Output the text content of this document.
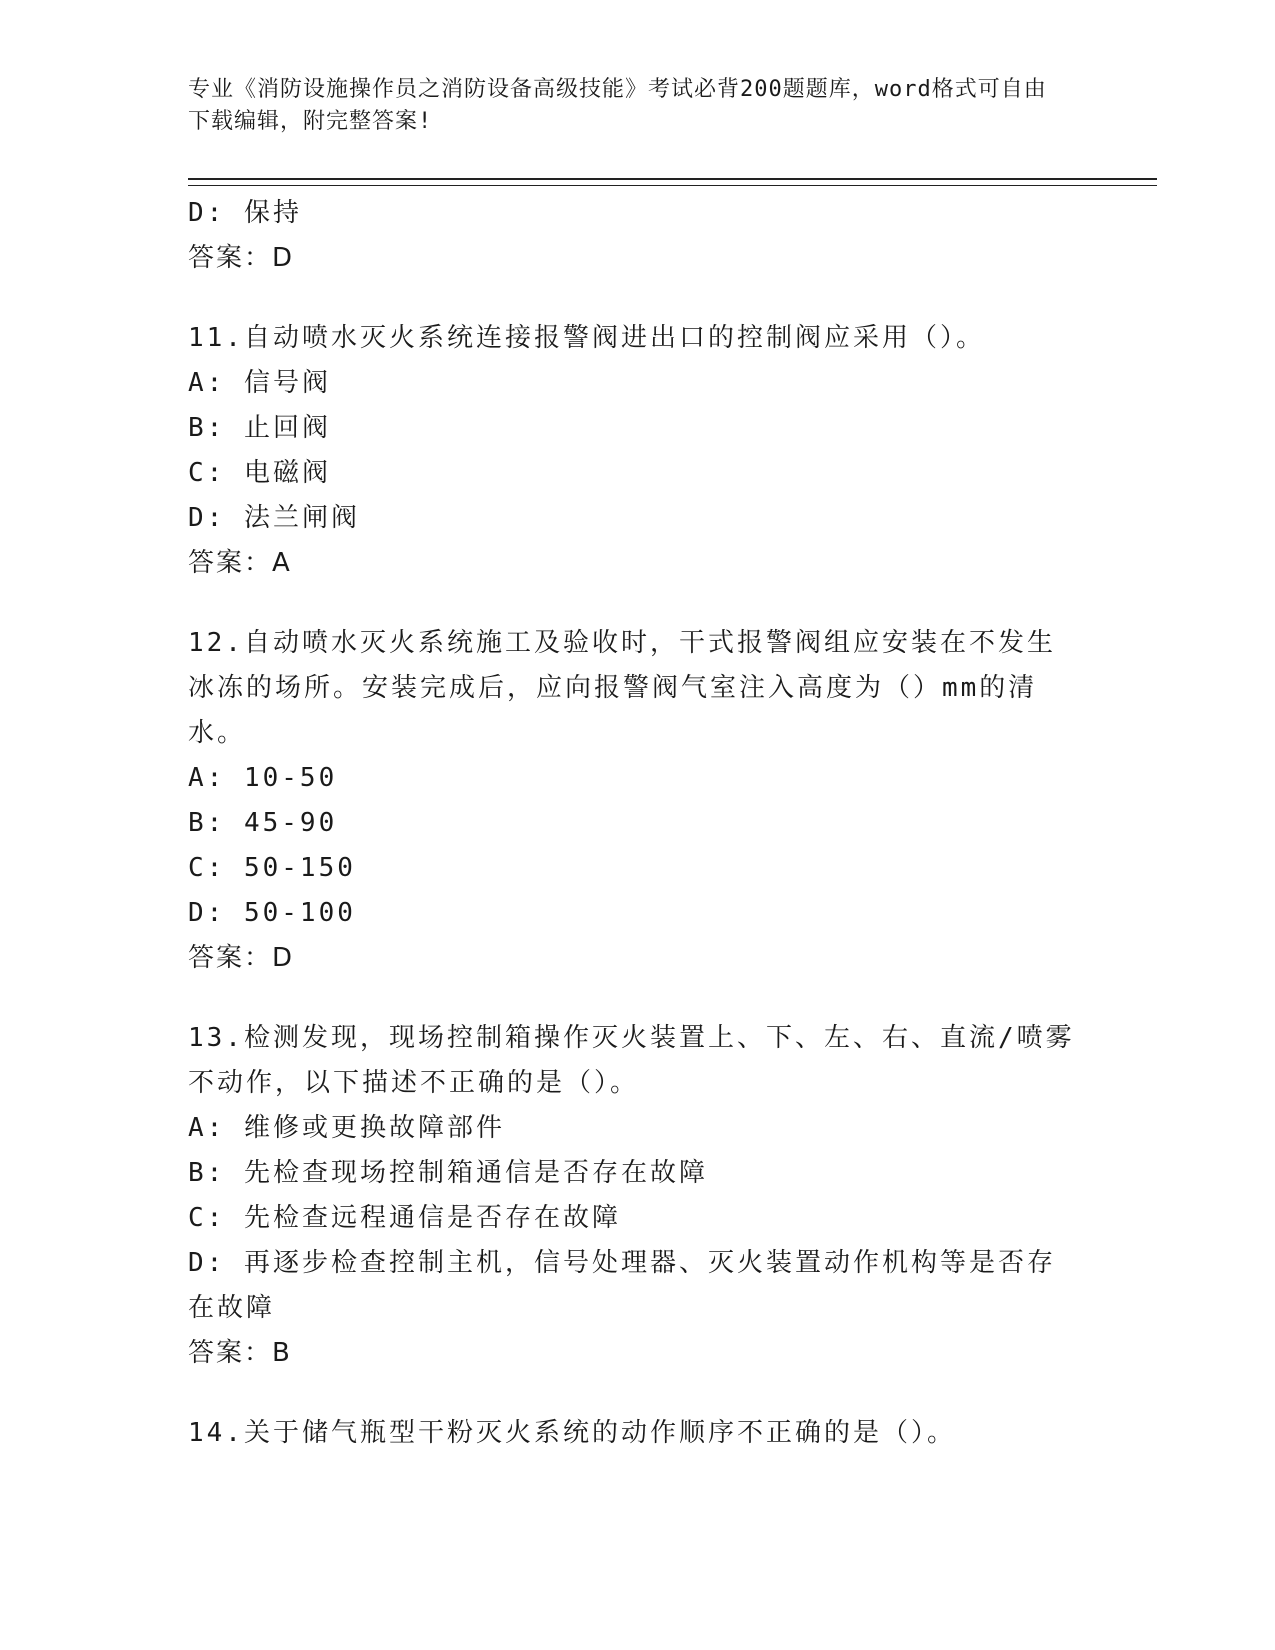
专业《消防设施操作员之消防设备高级技能》考试必背200题题库，word格式可自由下载编辑，附完整答案!
D: 保持
答案：D
11.自动喷水灭火系统连接报警阀进出口的控制阀应采用（）。
A: 信号阀
B: 止回阀
C: 电磁阀
D: 法兰闸阀
答案：A
12.自动喷水灭火系统施工及验收时，干式报警阀组应安装在不发生冰冻的场所。安装完成后，应向报警阀气室注入高度为（）mm的清水。
A: 10-50
B: 45-90
C: 50-150
D: 50-100
答案：D
13.检测发现，现场控制箱操作灭火装置上、下、左、右、直流/喷雾不动作，以下描述不正确的是（）。
A: 维修或更换故障部件
B: 先检查现场控制箱通信是否存在故障
C: 先检查远程通信是否存在故障
D: 再逐步检查控制主机，信号处理器、灭火装置动作机构等是否存在故障
答案：B
14.关于储气瓶型干粉灭火系统的动作顺序不正确的是（）。
